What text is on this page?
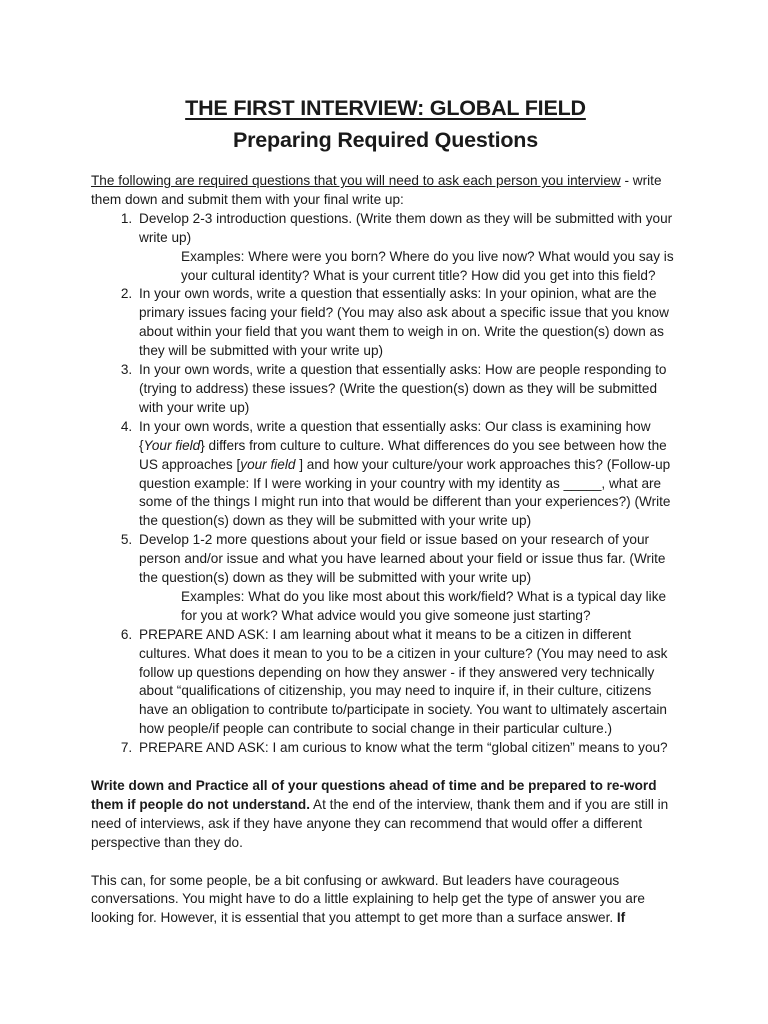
THE FIRST INTERVIEW: GLOBAL FIELD
Preparing Required Questions

The following are required questions that you will need to ask each person you interview - write them down and submit them with your final write up:

1. Develop 2-3 introduction questions. (Write them down as they will be submitted with your write up)
Examples: Where were you born? Where do you live now? What would you say is your cultural identity? What is your current title? How did you get into this field?
2. In your own words, write a question that essentially asks: In your opinion, what are the primary issues facing your field? (You may also ask about a specific issue that you know about within your field that you want them to weigh in on. Write the question(s) down as they will be submitted with your write up)
3. In your own words, write a question that essentially asks: How are people responding to (trying to address) these issues? (Write the question(s) down as they will be submitted with your write up)
4. In your own words, write a question that essentially asks: Our class is examining how {Your field} differs from culture to culture. What differences do you see between how the US approaches [your field ] and how your culture/your work approaches this? (Follow-up question example: If I were working in your country with my identity as _____, what are some of the things I might run into that would be different than your experiences?) (Write the question(s) down as they will be submitted with your write up)
5. Develop 1-2 more questions about your field or issue based on your research of your person and/or issue and what you have learned about your field or issue thus far. (Write the question(s) down as they will be submitted with your write up)
Examples: What do you like most about this work/field? What is a typical day like for you at work? What advice would you give someone just starting?
6. PREPARE AND ASK: I am learning about what it means to be a citizen in different cultures. What does it mean to you to be a citizen in your culture? (You may need to ask follow up questions depending on how they answer - if they answered very technically about “qualifications of citizenship, you may need to inquire if, in their culture, citizens have an obligation to contribute to/participate in society. You want to ultimately ascertain how people/if people can contribute to social change in their particular culture.)
7. PREPARE AND ASK: I am curious to know what the term “global citizen” means to you?

Write down and Practice all of your questions ahead of time and be prepared to re-word them if people do not understand. At the end of the interview, thank them and if you are still in need of interviews, ask if they have anyone they can recommend that would offer a different perspective than they do.

This can, for some people, be a bit confusing or awkward. But leaders have courageous conversations. You might have to do a little explaining to help get the type of answer you are looking for. However, it is essential that you attempt to get more than a surface answer. If
